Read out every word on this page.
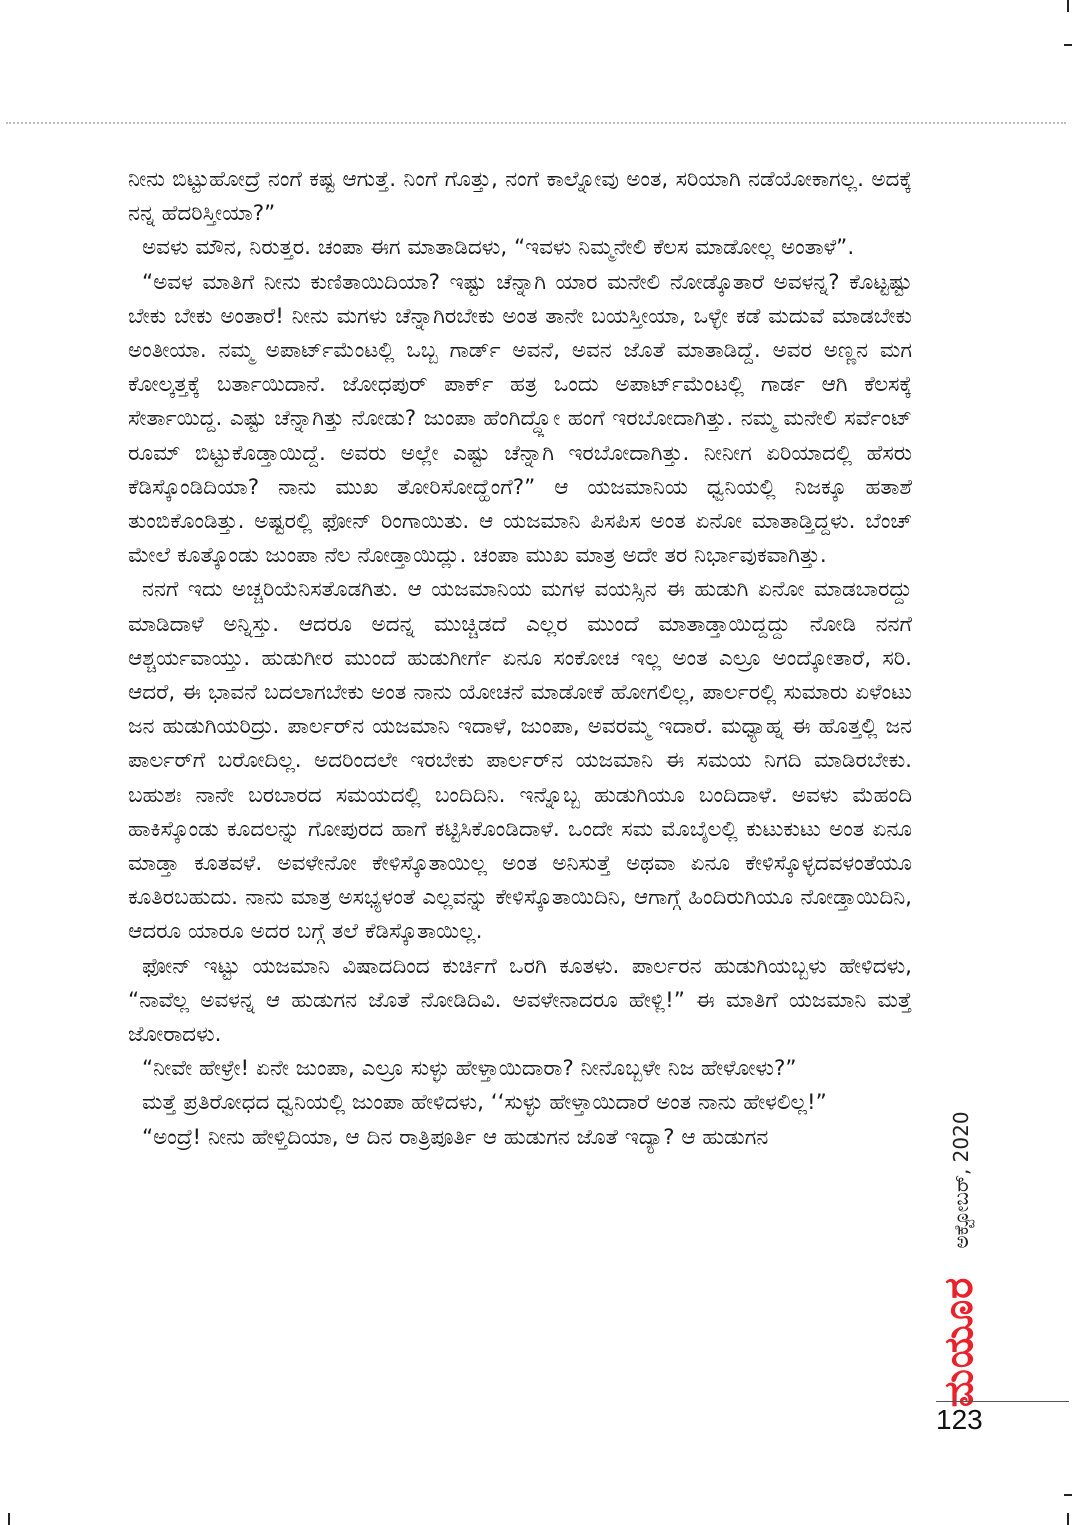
ನೀನು ಬಿಟ್ಟುಹೋದ್ರೆ ನಂಗೆ ಕಷ್ಟ ಆಗುತ್ತೆ. ನಿಂಗೆ ಗೊತ್ತು, ನಂಗೆ ಕಾಲ್ನೋವು ಅಂತ, ಸರಿಯಾಗಿ ನಡೆಯೋಕಾಗಲ್ಲ. ಅದಕ್ಕೆ ನನ್ನ ಹೆದರಿಸ್ತೀಯಾ?”

ಅವಳು ಮೌನ, ನಿರುತ್ತರ. ಚಂಪಾ ಈಗ ಮಾತಾಡಿದಳು, “ಇವಳು ನಿಮ್ಮನೇಲಿ ಕೆಲಸ ಮಾಡೋಲ್ಲ ಅಂತಾಳೆ”.

“ಅವಳ ಮಾತಿಗೆ ನೀನು ಕುಣಿತಾಯಿದಿಯಾ? ಇಷ್ಟು ಚೆನ್ನಾಗಿ ಯಾರ ಮನೇಲಿ ನೋಡ್ಕೊತಾರೆ ಅವಳನ್ನ? ಕೊಟ್ಟಷ್ಟು ಬೇಕು ಬೇಕು ಅಂತಾರೆ! ನೀನು ಮಗಳು ಚೆನ್ನಾಗಿರಬೇಕು ಅಂತ ತಾನೇ ಬಯಸ್ತೀಯಾ, ಒಳ್ಳೇ ಕಡೆ ಮದುವೆ ಮಾಡಬೇಕು ಅಂತೀಯಾ. ನಮ್ಮ ಅಪಾರ್ಟ್‌ಮೆಂಟಲ್ಲಿ ಒಬ್ಬ ಗಾರ್ಡ್ ಅವನೆ, ಅವನ ಜೊತೆ ಮಾತಾಡಿದ್ದೆ. ಅವರ ಅಣ್ಣನ ಮಗ ಕೋಲ್ಕತ್ತಕ್ಕೆ ಬರ್ತಾಯಿದಾನೆ. ಜೋಧಪುರ್ ಪಾರ್ಕ್ ಹತ್ರ ಒಂದು ಅಪಾರ್ಟ್‌ಮೆಂಟಲ್ಲಿ ಗಾರ್ಡ ಆಗಿ ಕೆಲಸಕ್ಕೆ ಸೇರ್ತಾಯಿದ್ದ. ಎಷ್ಟು ಚೆನ್ನಾಗಿತ್ತು ನೋಡು? ಜುಂಪಾ ಹೆಂಗಿದ್ದ್ಲೋ ಹಂಗೆ ಇರಬೋದಾಗಿತ್ತು. ನಮ್ಮ ಮನೇಲಿ ಸರ್ವೆಂಟ್ ರೂಮ್ ಬಿಟ್ಟುಕೊಡ್ತಾಯಿದ್ದೆ. ಅವರು ಅಲ್ಲೇ ಎಷ್ಟು ಚೆನ್ನಾಗಿ ಇರಬೋದಾಗಿತ್ತು. ನೀನೀಗ ಏರಿಯಾದಲ್ಲಿ ಹೆಸರು ಕೆಡಿಸ್ಕೊಂಡಿದಿಯಾ? ನಾನು ಮುಖ ತೋರಿಸೋದ್ಹೆಂಗೆ?” ಆ ಯಜಮಾನಿಯ ಧ್ವನಿಯಲ್ಲಿ ನಿಜಕ್ಕೂ ಹತಾಶೆ ತುಂಬಿಕೊಂಡಿತ್ತು. ಅಷ್ಟರಲ್ಲಿ ಫೋನ್ ರಿಂಗಾಯಿತು. ಆ ಯಜಮಾನಿ ಪಿಸಪಿಸ ಅಂತ ಏನೋ ಮಾತಾಡ್ತಿದ್ದಳು. ಬೆಂಚ್ ಮೇಲೆ ಕೂತ್ಕೊಂಡು ಜುಂಪಾ ನೆಲ ನೋಡ್ತಾಯಿದ್ಲು. ಚಂಪಾ ಮುಖ ಮಾತ್ರ ಅದೇ ತರ ನಿರ್ಭಾವುಕವಾಗಿತ್ತು.

ನನಗೆ ಇದು ಅಚ್ಚರಿಯೆನಿಸತೊಡಗಿತು. ಆ ಯಜಮಾನಿಯ ಮಗಳ ವಯಸ್ಸಿನ ಈ ಹುಡುಗಿ ಏನೋ ಮಾಡಬಾರದ್ದು ಮಾಡಿದಾಳೆ ಅನ್ನಿಸ್ತು. ಆದರೂ ಅದನ್ನ ಮುಚ್ಚಿಡದೆ ಎಲ್ಲರ ಮುಂದೆ ಮಾತಾಡ್ತಾಯಿದ್ದದ್ದು ನೋಡಿ ನನಗೆ ಆಶ್ಚರ್ಯವಾಯ್ತು. ಹುಡುಗೀರ ಮುಂದೆ ಹುಡುಗೀರ್ಗೆ ಏನೂ ಸಂಕೋಚ ಇಲ್ಲ ಅಂತ ಎಲ್ರೂ ಅಂದ್ಕೋತಾರೆ, ಸರಿ. ಆದರೆ, ಈ ಭಾವನೆ ಬದಲಾಗಬೇಕು ಅಂತ ನಾನು ಯೋಚನೆ ಮಾಡೋಕೆ ಹೋಗಲಿಲ್ಲ, ಪಾರ್ಲರಲ್ಲಿ ಸುಮಾರು ಏಳೆಂಟು ಜನ ಹುಡುಗಿಯರಿದ್ರು. ಪಾರ್ಲರ್‌ನ ಯಜಮಾನಿ ಇದಾಳೆ, ಜುಂಪಾ, ಅವರಮ್ಮ ಇದಾರೆ. ಮಧ್ಯಾಹ್ನ ಈ ಹೊತ್ತಲ್ಲಿ ಜನ ಪಾರ್ಲರ್‌ಗೆ ಬರೋದಿಲ್ಲ. ಅದರಿಂದಲೇ ಇರಬೇಕು ಪಾರ್ಲರ್‌ನ ಯಜಮಾನಿ ಈ ಸಮಯ ನಿಗದಿ ಮಾಡಿರಬೇಕು. ಬಹುಶಃ ನಾನೇ ಬರಬಾರದ ಸಮಯದಲ್ಲಿ ಬಂದಿದಿನಿ. ಇನ್ನೊಬ್ಬ ಹುಡುಗಿಯೂ ಬಂದಿದಾಳೆ. ಅವಳು ಮೆಹಂದಿ ಹಾಕಿಸ್ಕೊಂಡು ಕೂದಲನ್ನು ಗೋಪುರದ ಹಾಗೆ ಕಟ್ಟಿಸಿಕೊಂಡಿದಾಳೆ. ಒಂದೇ ಸಮ ಮೊಬೈಲಲ್ಲಿ ಕುಟುಕುಟು ಅಂತ ಏನೂ ಮಾಡ್ತಾ ಕೂತವಳೆ. ಅವಳೇನೋ ಕೇಳಿಸ್ಕೊತಾಯಿಲ್ಲ ಅಂತ ಅನಿಸುತ್ತೆ ಅಥವಾ ಏನೂ ಕೇಳಿಸ್ಕೊಳ್ಳದವಳಂತೆಯೂ ಕೂತಿರಬಹುದು. ನಾನು ಮಾತ್ರ ಅಸಭ್ಯಳಂತೆ ಎಲ್ಲವನ್ನು ಕೇಳಿಸ್ಕೊತಾಯಿದಿನಿ, ಆಗಾಗ್ಗೆ ಹಿಂದಿರುಗಿಯೂ ನೋಡ್ತಾಯಿದಿನಿ, ಆದರೂ ಯಾರೂ ಅದರ ಬಗ್ಗೆ ತಲೆ ಕೆಡಿಸ್ಕೊತಾಯಿಲ್ಲ.

ಫೋನ್ ಇಟ್ಟು ಯಜಮಾನಿ ವಿಷಾದದಿಂದ ಕುರ್ಚಿಗೆ ಒರಗಿ ಕೂತಳು. ಪಾರ್ಲರನ ಹುಡುಗಿಯಬ್ಬಳು ಹೇಳಿದಳು, “ನಾವೆಲ್ಲ ಅವಳನ್ನ ಆ ಹುಡುಗನ ಜೊತೆ ನೋಡಿದಿವಿ. ಅವಳೇನಾದರೂ ಹೇಳ್ಲಿ!” ಈ ಮಾತಿಗೆ ಯಜಮಾನಿ ಮತ್ತೆ ಜೋರಾದಳು.

“ನೀವೇ ಹೇಳ್ರೇ! ಏನೇ ಜುಂಪಾ, ಎಲ್ರೂ ಸುಳ್ಳು ಹೇಳ್ತಾಯಿದಾರಾ? ನೀನೊಬ್ಬಳೇ ನಿಜ ಹೇಳೋಳು?”

ಮತ್ತೆ ಪ್ರತಿರೋಧದ ಧ್ವನಿಯಲ್ಲಿ ಜುಂಪಾ ಹೇಳಿದಳು, ‘‘ಸುಳ್ಳು ಹೇಳ್ತಾಯಿದಾರೆ ಅಂತ ನಾನು ಹೇಳಲಿಲ್ಲ!”

“ಅಂದ್ರೆ! ನೀನು ಹೇಳ್ತಿದಿಯಾ, ಆ ದಿನ ರಾತ್ರಿಪೂರ್ತಿ ಆ ಹುಡುಗನ ಜೊತೆ ಇದ್ಯಾ? ಆ ಹುಡುಗನ	ಅಕ್ಟೋಬರ್, 2020
ಮಯೂರ
123
